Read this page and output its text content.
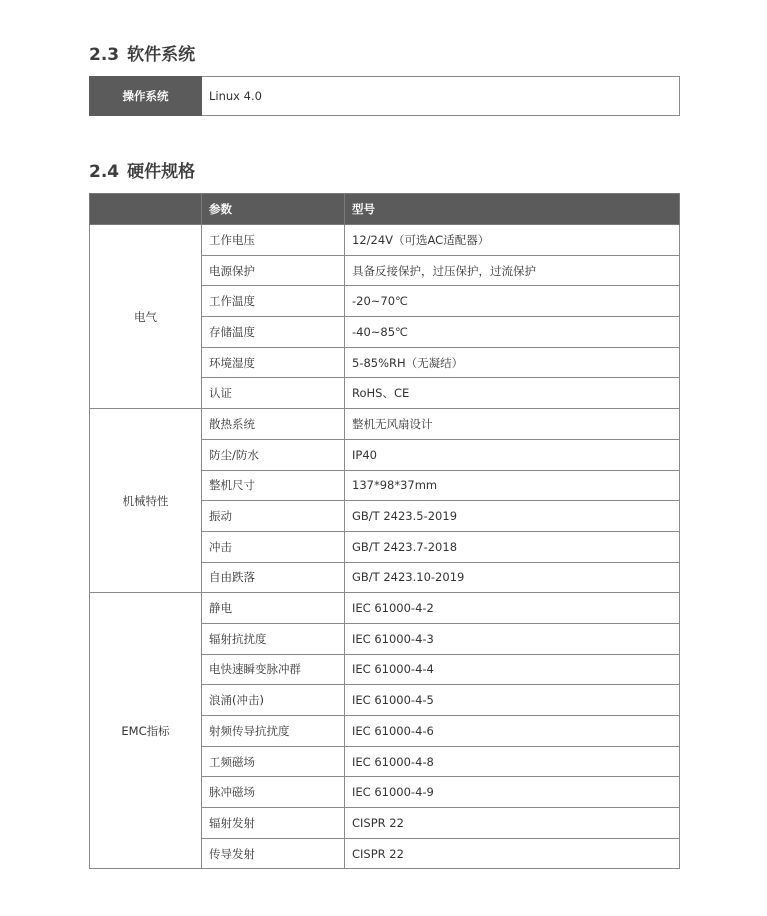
2.3 软件系统
操作系统	Linux 4.0
2.4 硬件规格
	参数	型号
电气	工作电压	12/24V（可选AC适配器）
	电源保护	具备反接保护，过压保护，过流保护
	工作温度	-20~70℃
	存储温度	-40~85℃
	环境湿度	5-85%RH（无凝结）
	认证	RoHS、CE
机械特性	散热系统	整机无风扇设计
	防尘/防水	IP40
	整机尺寸	137*98*37mm
	振动	GB/T 2423.5-2019
	冲击	GB/T 2423.7-2018
	自由跌落	GB/T 2423.10-2019
EMC指标	静电	IEC 61000-4-2
	辐射抗扰度	IEC 61000-4-3
	电快速瞬变脉冲群	IEC 61000-4-4
	浪涌(冲击)	IEC 61000-4-5
	射频传导抗扰度	IEC 61000-4-6
	工频磁场	IEC 61000-4-8
	脉冲磁场	IEC 61000-4-9
	辐射发射	CISPR 22
	传导发射	CISPR 22
